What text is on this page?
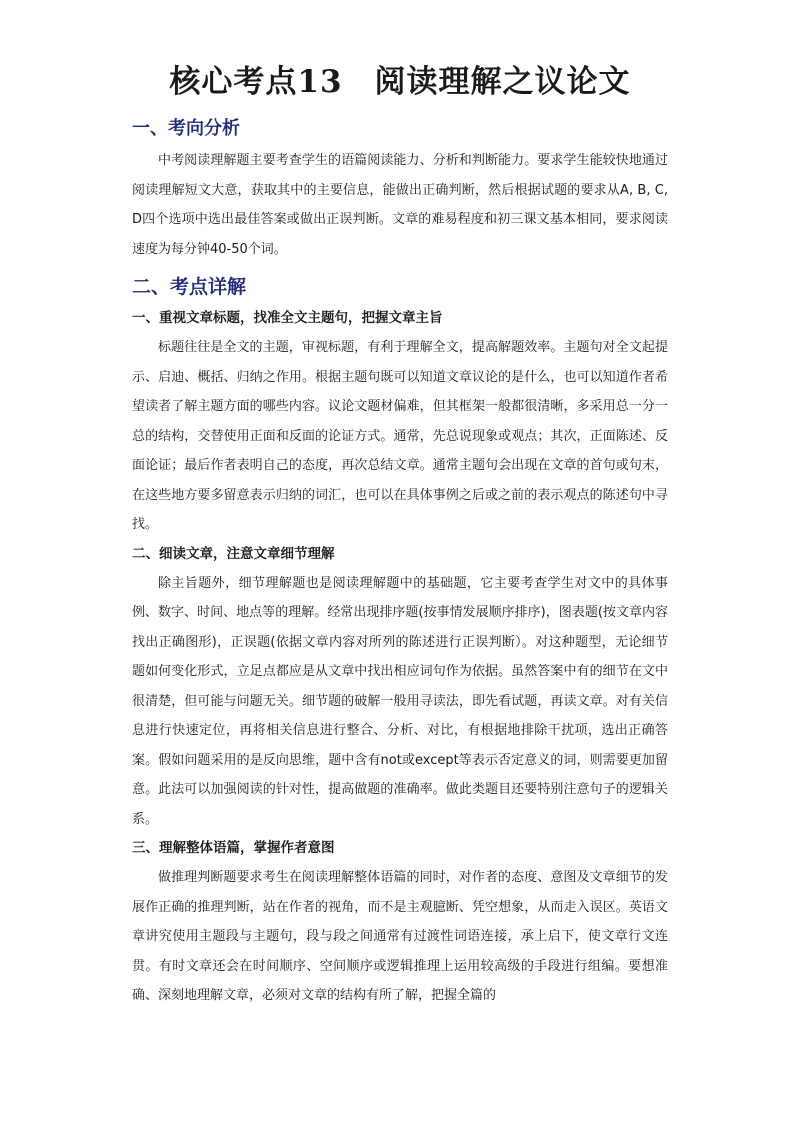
核心考点13　阅读理解之议论文
一、考向分析

中考阅读理解题主要考查学生的语篇阅读能力、分析和判断能力。要求学生能较快地通过阅读理解短文大意，获取其中的主要信息，能做出正确判断，然后根据试题的要求从A, B, C, D四个选项中选出最佳答案或做出正误判断。文章的难易程度和初三课文基本相同，要求阅读速度为每分钟40-50个词。

二、考点详解
一、重视文章标题，找准全文主题句，把握文章主旨

标题往往是全文的主题，审视标题，有利于理解全文，提高解题效率。主题句对全文起提示、启迪、概括、归纳之作用。根据主题句既可以知道文章议论的是什么，也可以知道作者希望读者了解主题方面的哪些内容。议论文题材偏难，但其框架一般都很清晰，多采用总一分一总的结构，交替使用正面和反面的论证方式。通常，先总说现象或观点；其次，正面陈述、反面论证；最后作者表明自己的态度，再次总结文章。通常主题句会出现在文章的首句或句末，在这些地方要多留意表示归纳的词汇，也可以在具体事例之后或之前的表示观点的陈述句中寻找。

二、细读文章，注意文章细节理解

除主旨题外，细节理解题也是阅读理解题中的基础题，它主要考查学生对文中的具体事例、数字、时间、地点等的理解。经常出现排序题(按事情发展顺序排序)，图表题(按文章内容找出正确图形)，正误题(依据文章内容对所列的陈述进行正误判断）。对这种题型，无论细节题如何变化形式，立足点都应是从文章中找出相应词句作为依据。虽然答案中有的细节在文中很清楚，但可能与问题无关。细节题的破解一般用寻读法，即先看试题，再读文章。对有关信息进行快速定位，再将相关信息进行整合、分析、对比，有根据地排除干扰项，选出正确答案。假如问题采用的是反向思维，题中含有not或except等表示否定意义的词，则需要更加留意。此法可以加强阅读的针对性，提高做题的准确率。做此类题目还要特别注意句子的逻辑关系。

三、理解整体语篇，掌握作者意图

做推理判断题要求考生在阅读理解整体语篇的同时，对作者的态度、意图及文章细节的发展作正确的推理判断，站在作者的视角，而不是主观臆断、凭空想象，从而走入误区。英语文章讲究使用主题段与主题句，段与段之间通常有过渡性词语连接，承上启下，使文章行文连贯。有时文章还会在时间顺序、空间顺序或逻辑推理上运用较高级的手段进行组编。要想准确、深刻地理解文章，必须对文章的结构有所了解，把握全篇的
